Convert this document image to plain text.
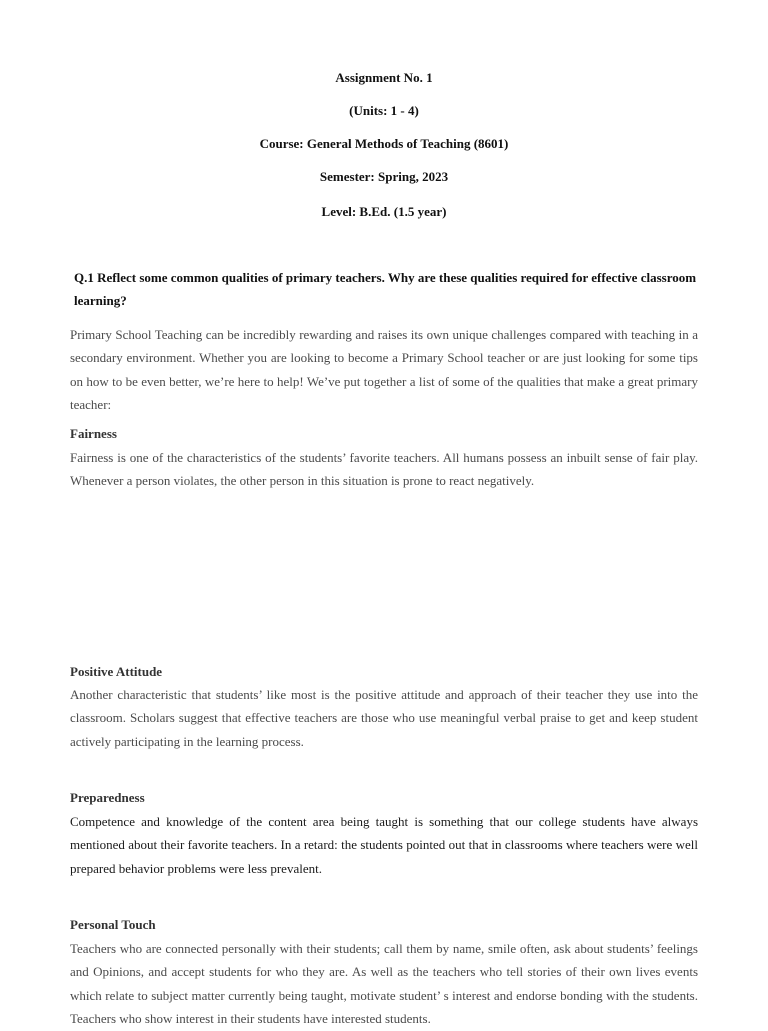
Assignment No. 1

(Units: 1 - 4)

Course: General Methods of Teaching (8601)

Semester: Spring, 2023

Level: B.Ed. (1.5 year)

Q.1 Reflect some common qualities of primary teachers. Why are these qualities required for effective classroom learning?

Primary School Teaching can be incredibly rewarding and raises its own unique challenges compared with teaching in a secondary environment. Whether you are looking to become a Primary School teacher or are just looking for some tips on how to be even better, we’re here to help! We’ve put together a list of some of the qualities that make a great primary teacher:

Fairness

Fairness is one of the characteristics of the students’ favorite teachers. All humans possess an inbuilt sense of fair play. Whenever a person violates, the other person in this situation is prone to react negatively.

Positive Attitude

Another characteristic that students’ like most is the positive attitude and approach of their teacher they use into the classroom. Scholars suggest that effective teachers are those who use meaningful verbal praise to get and keep student actively participating in the learning process.

Preparedness

Competence and knowledge of the content area being taught is something that our college students have always mentioned about their favorite teachers. In a retard: the students pointed out that in classrooms where teachers were well prepared behavior problems were less prevalent.

Personal Touch

Teachers who are connected personally with their students; call them by name, smile often, ask about students’ feelings and Opinions, and accept students for who they are. As well as the teachers who tell stories of their own lives events which relate to subject matter currently being taught, motivate student’ s interest and endorse bonding with the students. Teachers who show interest in their students have interested students.
